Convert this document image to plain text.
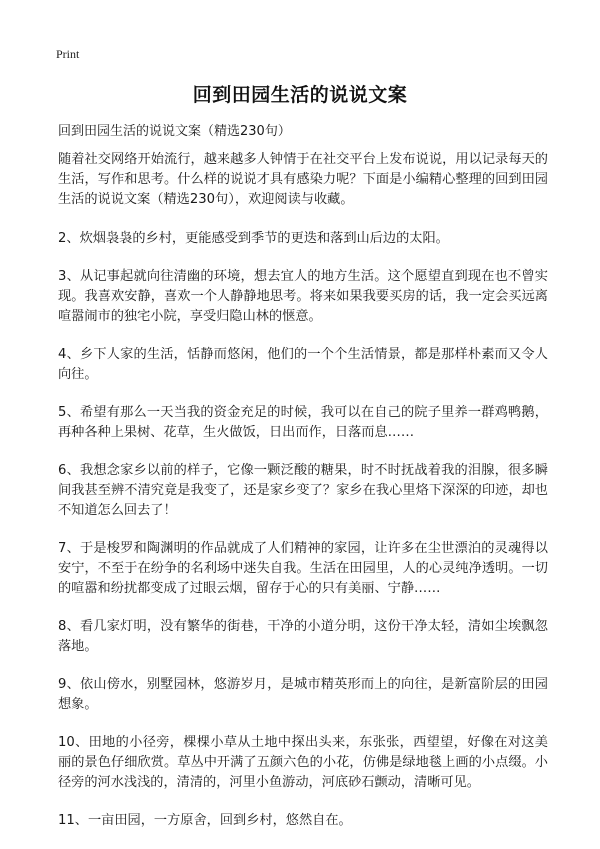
Print
回到田园生活的说说文案
回到田园生活的说说文案（精选230句）

随着社交网络开始流行，越来越多人钟情于在社交平台上发布说说，用以记录每天的生活，写作和思考。什么样的说说才具有感染力呢？下面是小编精心整理的回到田园生活的说说文案（精选230句），欢迎阅读与收藏。

2、炊烟袅袅的乡村，更能感受到季节的更迭和落到山后边的太阳。

3、从记事起就向往清幽的环境，想去宜人的地方生活。这个愿望直到现在也不曾实现。我喜欢安静，喜欢一个人静静地思考。将来如果我要买房的话，我一定会买远离喧嚣闹市的独宅小院，享受归隐山林的惬意。

4、乡下人家的生活，恬静而悠闲，他们的一个个生活情景，都是那样朴素而又令人向往。

5、希望有那么一天当我的资金充足的时候，我可以在自己的院子里养一群鸡鸭鹅，再种各种上果树、花草，生火做饭，日出而作，日落而息……

6、我想念家乡以前的样子，它像一颗泛酸的糖果，时不时抚战着我的泪腺，很多瞬间我甚至辨不清究竟是我变了，还是家乡变了？家乡在我心里烙下深深的印迹，却也不知道怎么回去了！

7、于是梭罗和陶渊明的作品就成了人们精神的家园，让许多在尘世漂泊的灵魂得以安宁，不至于在纷争的名利场中迷失自我。生活在田园里，人的心灵纯净透明。一切的喧嚣和纷扰都变成了过眼云烟，留存于心的只有美丽、宁静……

8、看几家灯明，没有繁华的街巷，干净的小道分明，这份干净太轻，清如尘埃飘忽落地。

9、依山傍水，别墅园林，悠游岁月，是城市精英形而上的向往，是新富阶层的田园想象。

10、田地的小径旁，棵棵小草从土地中探出头来，东张张，西望望，好像在对这美丽的景色仔细欣赏。草丛中开满了五颜六色的小花，仿佛是绿地毯上画的小点缀。小径旁的河水浅浅的，清清的，河里小鱼游动，河底砂石颤动，清晰可见。

11、一亩田园，一方原舍，回到乡村，悠然自在。
